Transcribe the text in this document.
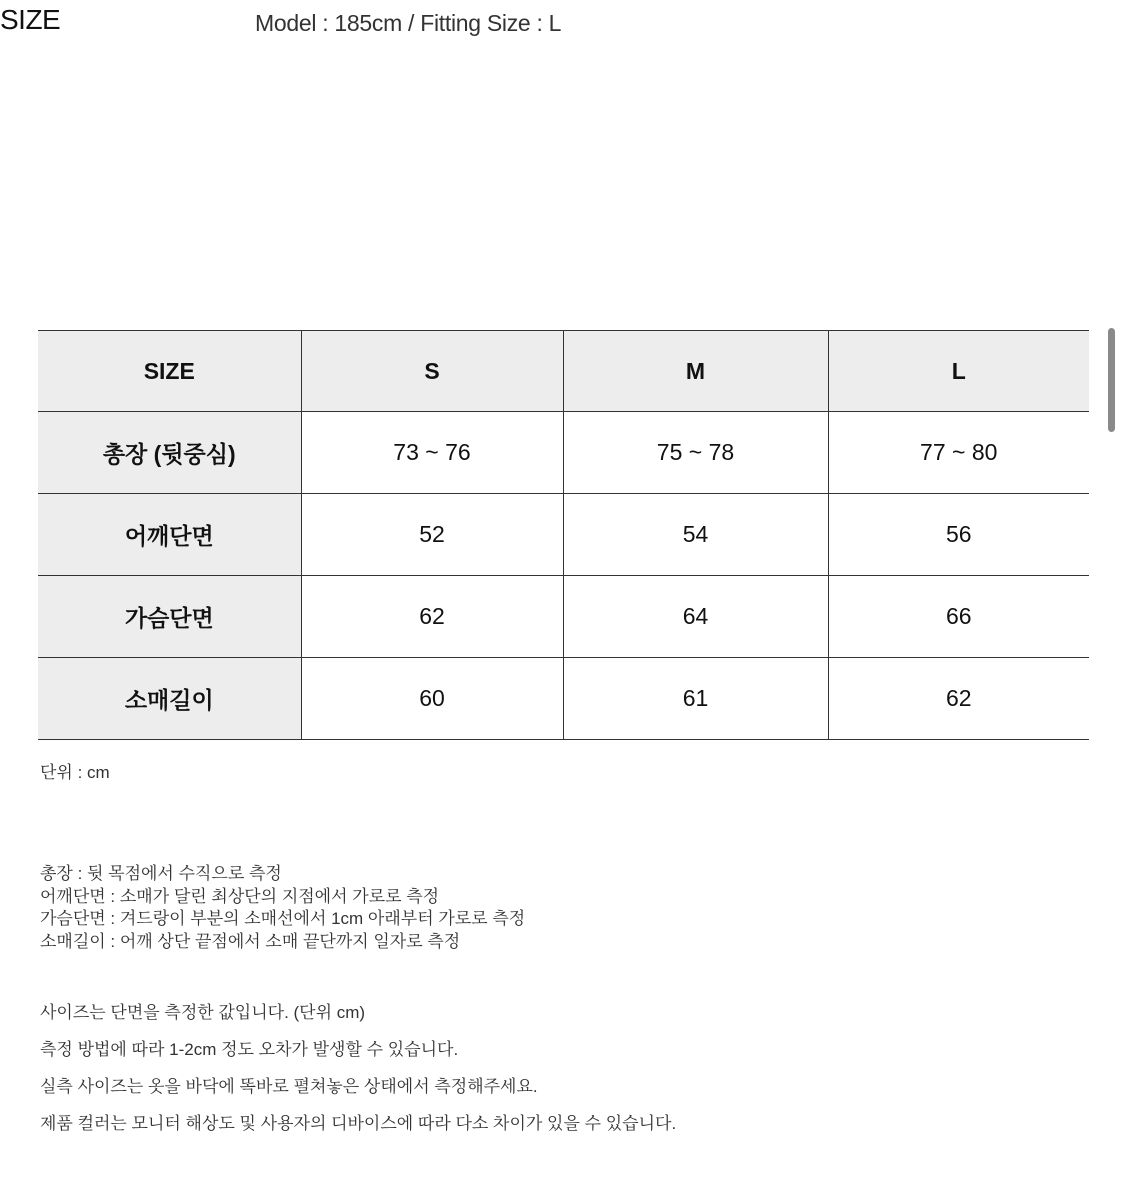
SIZE	Model : 185cm / Fitting Size : L
SIZE	S	M	L
총장 (뒷중심)	73 ~ 76	75 ~ 78	77 ~ 80
어깨단면	52	54	56
가슴단면	62	64	66
소매길이	60	61	62
단위 : cm
총장 : 뒷 목점에서 수직으로 측정
어깨단면 : 소매가 달린 최상단의 지점에서 가로로 측정
가슴단면 : 겨드랑이 부분의 소매선에서 1cm 아래부터 가로로 측정
소매길이 : 어깨 상단 끝점에서 소매 끝단까지 일자로 측정
사이즈는 단면을 측정한 값입니다. (단위 cm)
측정 방법에 따라 1-2cm 정도 오차가 발생할 수 있습니다.
실측 사이즈는 옷을 바닥에 똑바로 펼쳐놓은 상태에서 측정해주세요.
제품 컬러는 모니터 해상도 및 사용자의 디바이스에 따라 다소 차이가 있을 수 있습니다.
